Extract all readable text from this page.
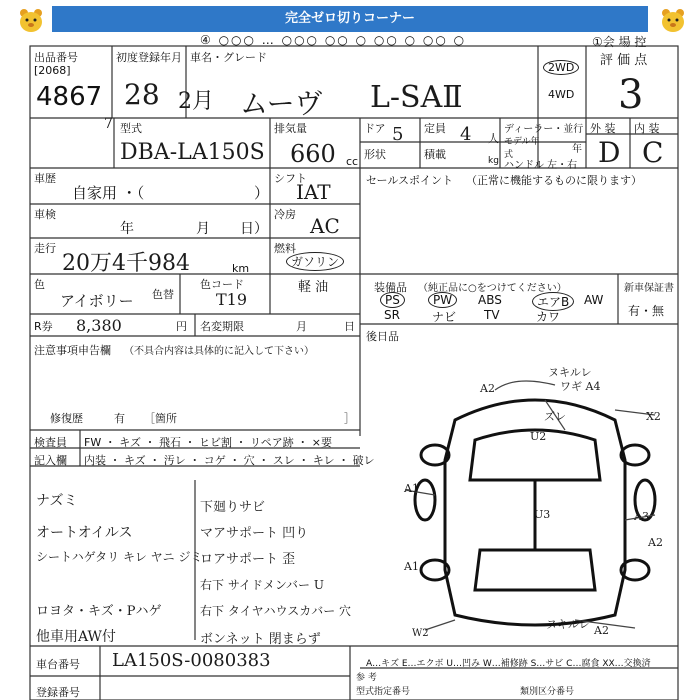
完全ゼロ切りコーナー
④ ○○○ … ○○○ ○○ ○ ○○ ○ ○○ ○	①会 場 控
出品番号
[2068]
4867
初度登録年月
28 2月
車名・グレード
ムーヴ L-SAⅡ
2WD
4WD
評 価 点
3
外 装 内 装
D C
7 型式
DBA-LA150S
排気量
660 cc
ドア 5 定員 4 人
形状	積載	kg
ディーラー・並行
モデル年式	年
ハンドル 左・右
車歴
自家用 ・（	）
シフト
IAT
車検
年	月 日）
冷房 AC
走行
20万4千984	km
燃料
ガソリン
軽 油
色
アイボリー 色替
色コード
T19
R券 8,380	円 名変期限	月	日
注意事項申告欄 （不具合内容は具体的に記入して下さい）
修復歴	有 ［箇所	］
セールスポイント （正常に機能するものに限ります）
装備品 （純正品に○をつけてください）	新車保証書
有・無
PS	PW	ABS	エアB	AW
SR	ナビ TV	カワ
後日品
検査員 FW ・ キズ ・ 飛石 ・ ヒビ割 ・ リペア跡 ・ ×要
記入欄 内装 ・ キズ ・ 汚レ ・ コゲ ・ 穴 ・ スレ ・ キレ ・ 破レ
ナズミ
オートオイルス
シートハゲタリ キレ ヤニ ジミ
ロヨタ・キズ・Pハゲ
他車用AW付
下廻りサビ
マアサポート 凹り
ロアサポート 歪
右下 サイドメンバー U
右下 タイヤハウスカバー 穴
ボンネット 閉まらず
A2
ヌキルレ
ワギ A4
U2
ズレ	X2
A1
U3	A3
A2
A1
W2	A2
ヌキルレ
車台番号 LA150S-0080383
登録番号
A…キズ E…エクボ U…凹み W…補修跡 S…サビ C…腐食 XX…交換済
参 考
型式指定番号	類別区分番号
